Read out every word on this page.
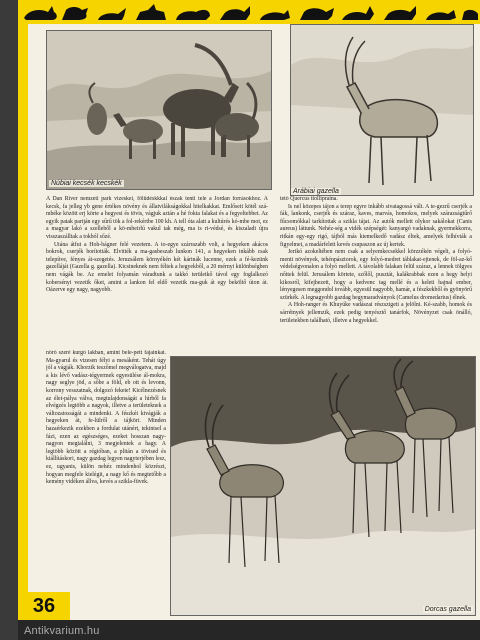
Núbiai kecsék kecskék
Arábiai gazella

A Dan River nemzeti park vizeskei, fölüdéskkkal észak tenti tele a Jordan forrásokhoz. A kecsk, fa jelleg yb gene értékes növény és állatvilákságokkal hitelkakkat. Emlőseit kötél szá-mbéke között erj körte a hegyesi és tövis, vágjuk aztán a hé fokta falakat és a fegyeltebbet. Az egyik patak partján egy sűrű tök a fol-rekértbe 100 kh. A tell óta alatt a kultúrés kó-mbe mot, ez a magyar lakó a szelleből a kö-mbeirlú vakul tak még, ma is ri-védsé, és kiszaladt újra visszaszálltak a tokból sőzé.

Utána átfut a Hoh-bágner felé vezetem. A to-egye szárrazabb volt, a hegyeken akácos bokrok, cserjék borították. Elvitték a ma-gasbeszab lunkon 141, a hegyeken inkább csak telepítve, fényes át-szegetés. Jeruzsálem környékén két kárinák lucenne, ezek a fé-kezünk gazelláját (Gazella g. gazella). Kicsineknek nem féltek a hegyekből, a 20 mérnyi különbségben nem vágák be. Az emelet folyamán váradtunk a takkó területkő távol egy foglalkozó kobersényi vezetik őket, amint a lankon fel eldő vezetik ma-guk át egy beköltő úton át. Oázerve egy nagy, nagyobb.

tető Quercus ttollipraina.

Is nel közepes tájon a terep egyre inkább sivatagossá vált. A te-gezrű cserjék a fák, lankonk, cserjék és száraz, kaves, marvás, homokos, melyek szárazságtűrő fűcsomókkal tarkítottak a szikla tájat. Az autók mellett olykor sakálokat (Canis aureus) láttunk. Nehéz-ség a vidék szépségét: kanyargó vadaknak, gyermekkorra, ritkán egy-egy rigó, tájból más kiemelkedő vadász éltek, amelyek felhívták a figyelmet, a madárfelett kevés csupaszon az új kertek.

Jerikó azokeltében nem csak a selyemkecsekkel körzzékén végelt, a folyó-menti növények, tehénpásztorok, egy folyó-medret táblakat-ejtenek, de föl-az-kő védelségvonalon a folyó mellett. A távolabb falakan felül száraz, a lennek tölgyes nőttek felül. Jerusálem körtete, szőlől, pusztát, kalákrabbak ezen a hegy helyi kikosról, kifejhezett, hogy a kedvenc tag mellé és a keleti hajnal ember, lényegesen meggondol tovább, egyesül nagyobb, hamár, a fészkekből és gyönyörű szürkék. A legnagyobb gazdag hegymaradványok (Camelus dromedarius) élnek.

A Hoh-ranger és Khuyúke vadászai részszigeti a jelölni. Ké-szabb, homok és sárrétnyek jellemzik, ezek pedig tenyésztő tanárfok, Növényzet csak önálló, területekben található, illetve a hegyekkel.

nőrő szeré kurgó lakban, amint bele-pett fajainkat. Ma-gyarul és vizesen félyi a mesáként. Tehát úgy jól a vágják. Khorzik teszőmel megválogatva, majd a kis lévő vadász-tégyermek egyesülése ál-mokra, nagy seglye jöd, a sőbe a föld, eb ott és levonn, korrony vesszatnak, dolgozó fekete! Kicélnezésnek az élet-pálya válva, megtulajdonságát a hírből fa elvégzés legtöbb a nagyok, illetve a területeknek a változatosságát a mindenki. A fészkét kivágják a hegyeken át, fe-lülről a tájköri. Minden hazaérkezik ezekben a fordulat utánért, tekintsel a fázi, ezen az egészséges, ezeket hosszan nagy-nagyon megtalálni, 3 megjelentek a hagy. A legtöbb között a régióban, a plitán a tövised és kiállításkori, nagy gazdag legyen nagyterjében lesz, ez, ugyanis, külön nehéz mindenhol közrészt, hogyan megfele kielégit, a nagy kő és megtetőbb a kemény vidéken állva, kevés a szikla-füvek.

Dorcas gazella
36
Antikvarium.hu
